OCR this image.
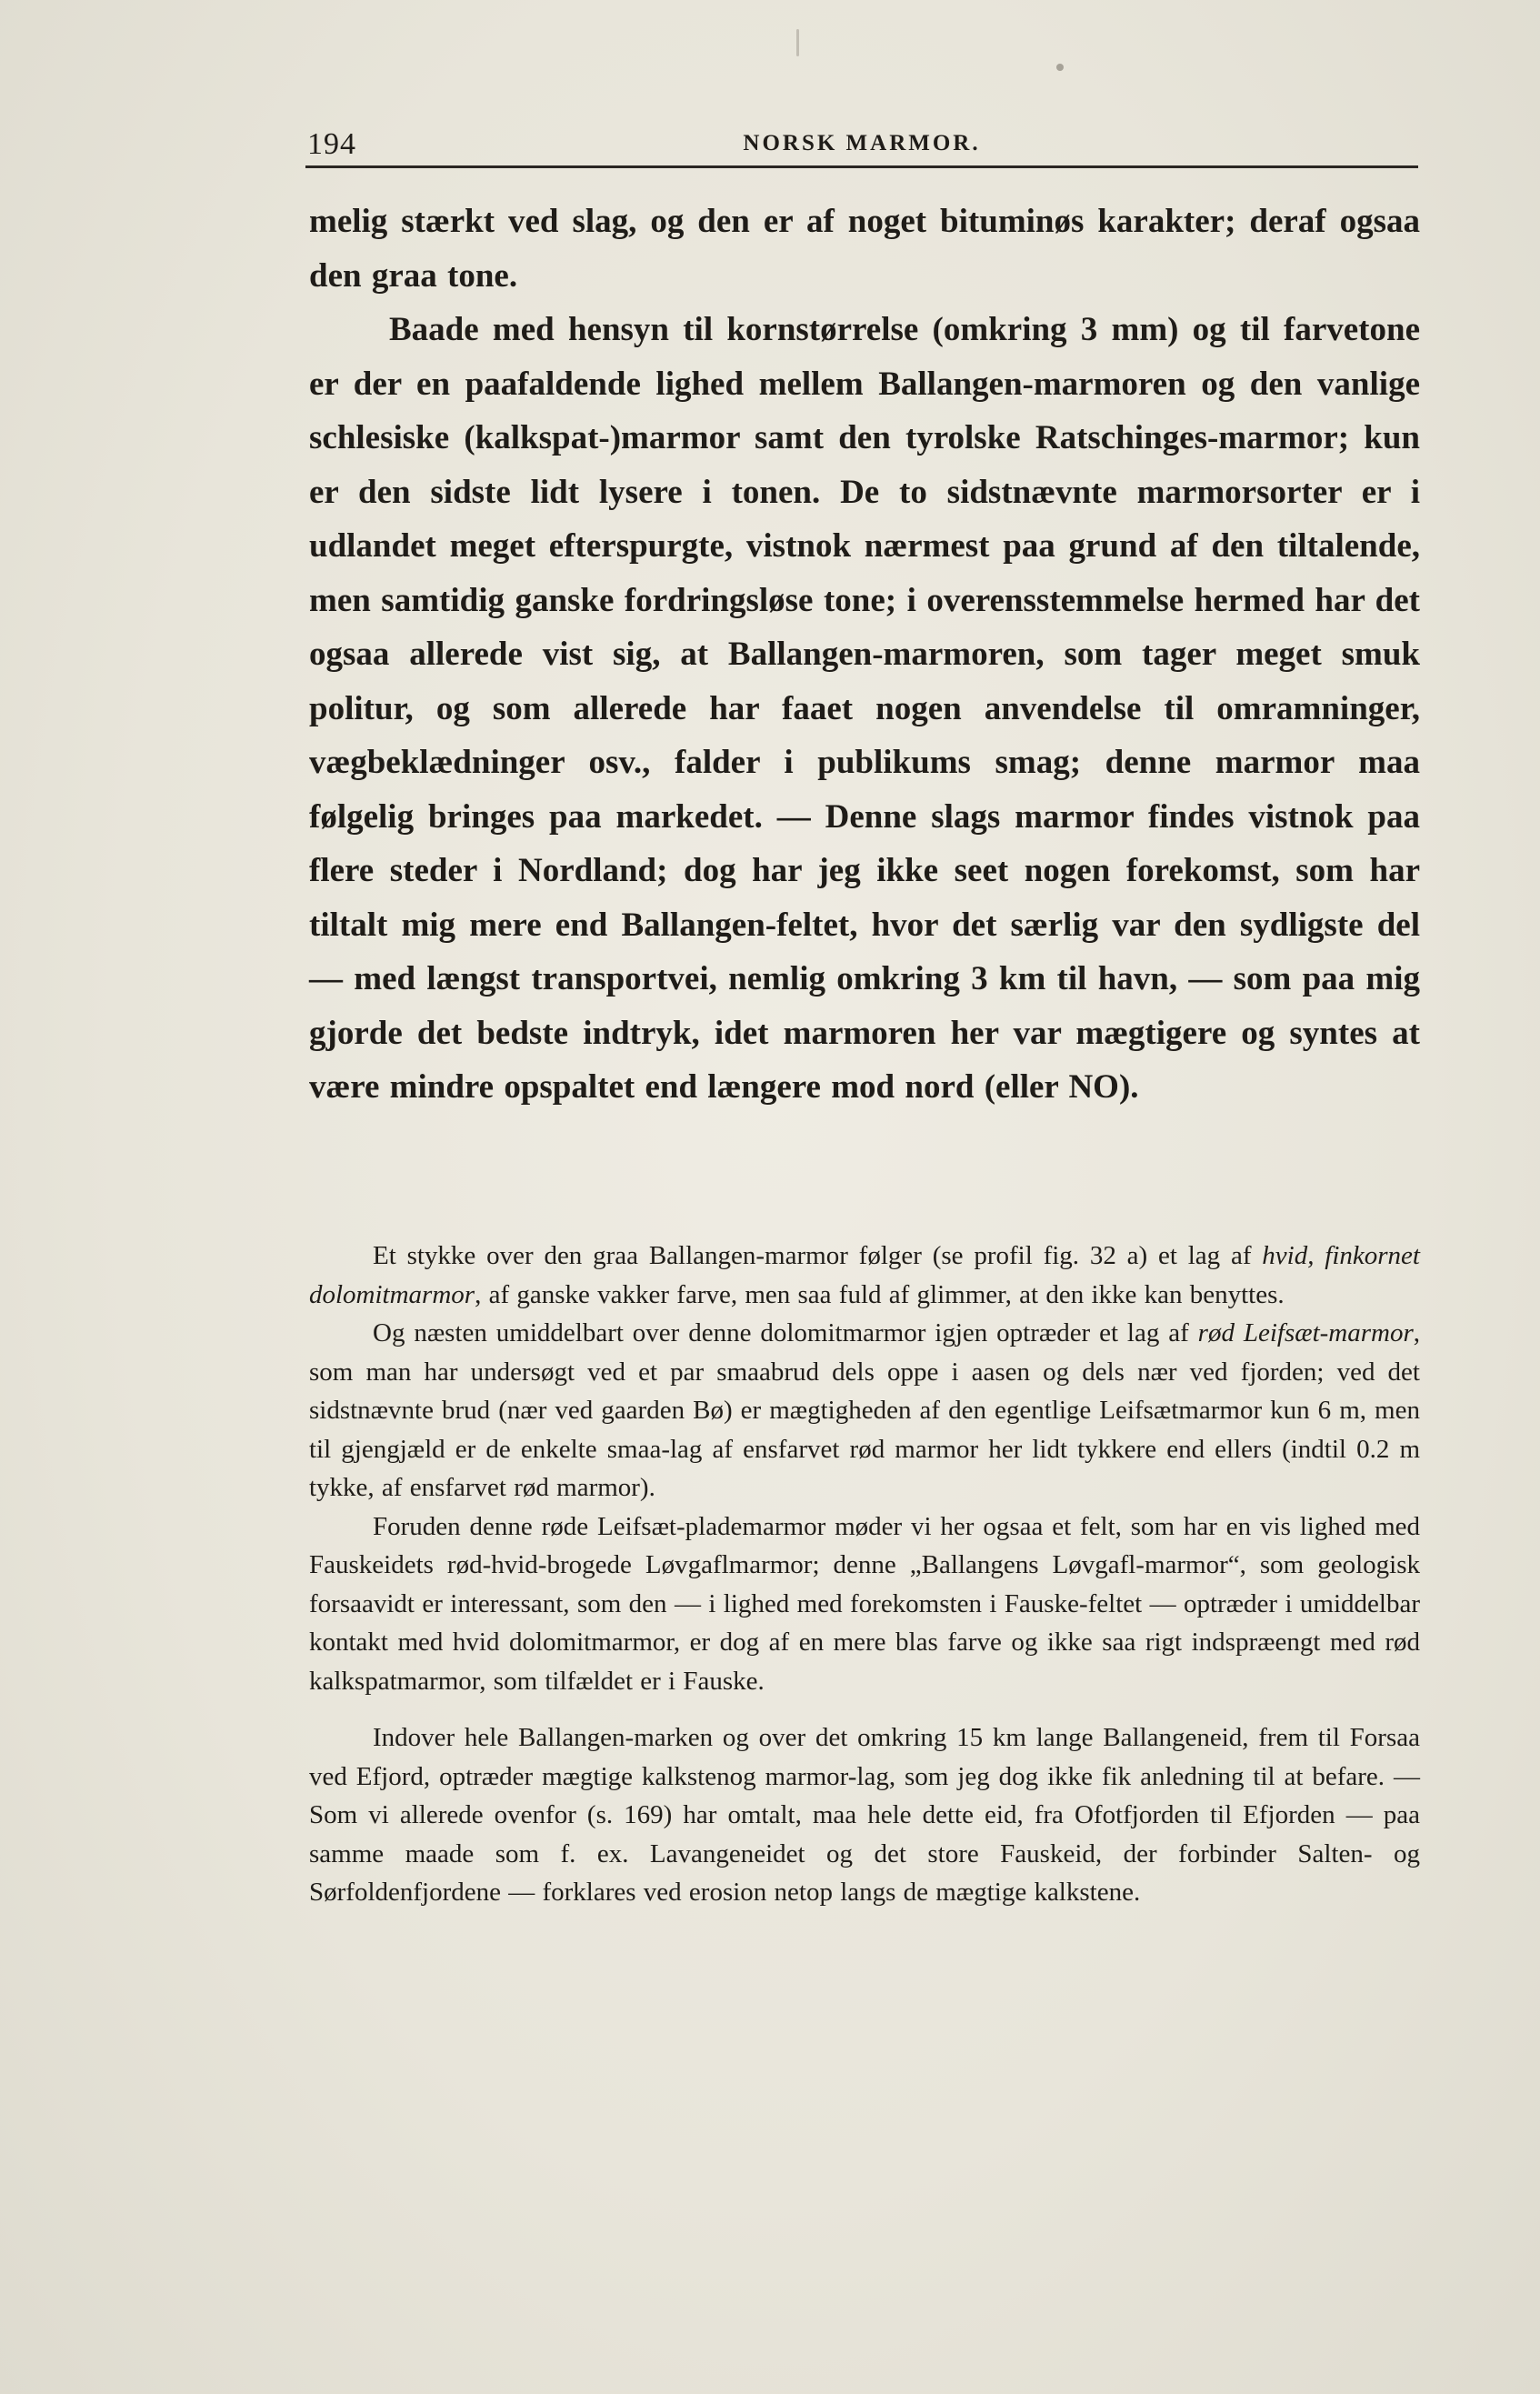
194	NORSK MARMOR.

melig stærkt ved slag, og den er af noget bituminøs karakter; deraf ogsaa den graa tone.

Baade med hensyn til kornstørrelse (omkring 3 mm) og til farvetone er der en paafaldende lighed mellem Ballangen-marmoren og den vanlige schlesiske (kalkspat-)marmor samt den tyrolske Ratschinges-marmor; kun er den sidste lidt lysere i tonen. De to sidstnævnte marmorsorter er i udlandet meget efterspurgte, vistnok nærmest paa grund af den tiltalende, men samtidig ganske fordringsløse tone; i overensstemmelse hermed har det ogsaa allerede vist sig, at Ballangen-marmoren, som tager meget smuk politur, og som allerede har faaet nogen anvendelse til omramninger, vægbeklædninger osv., falder i publikums smag; denne marmor maa følgelig bringes paa markedet. — Denne slags marmor findes vistnok paa flere steder i Nordland; dog har jeg ikke seet nogen forekomst, som har tiltalt mig mere end Ballangen-feltet, hvor det særlig var den sydligste del — med længst transportvei, nemlig omkring 3 km til havn, — som paa mig gjorde det bedste indtryk, idet marmoren her var mægtigere og syntes at være mindre opspaltet end længere mod nord (eller NO).

Et stykke over den graa Ballangen-marmor følger (se profil fig. 32 a) et lag af hvid, finkornet dolomitmarmor, af ganske vakker farve, men saa fuld af glimmer, at den ikke kan benyttes.

Og næsten umiddelbart over denne dolomitmarmor igjen optræder et lag af rød Leifsæt-marmor, som man har undersøgt ved et par smaabrud dels oppe i aasen og dels nær ved fjorden; ved det sidstnævnte brud (nær ved gaarden Bø) er mægtigheden af den egentlige Leifsætmarmor kun 6 m, men til gjengjæld er de enkelte smaa-lag af ensfarvet rød marmor her lidt tykkere end ellers (indtil 0.2 m tykke, af ensfarvet rød marmor).

Foruden denne røde Leifsæt-plademarmor møder vi her ogsaa et felt, som har en vis lighed med Fauskeidets rød-hvid-brogede Løvgaflmarmor; denne „Ballangens Løvgafl-marmor“, som geologisk forsaavidt er interessant, som den — i lighed med forekomsten i Fauske-feltet — optræder i umiddelbar kontakt med hvid dolomitmarmor, er dog af en mere blas farve og ikke saa rigt indspræengt med rød kalkspatmarmor, som tilfældet er i Fauske.

Indover hele Ballangen-marken og over det omkring 15 km lange Ballangeneid, frem til Forsaa ved Efjord, optræder mægtige kalkstenog marmor-lag, som jeg dog ikke fik anledning til at befare. — Som vi allerede ovenfor (s. 169) har omtalt, maa hele dette eid, fra Ofotfjorden til Efjorden — paa samme maade som f. ex. Lavangeneidet og det store Fauskeid, der forbinder Salten- og Sørfoldenfjordene — forklares ved erosion netop langs de mægtige kalkstene.
